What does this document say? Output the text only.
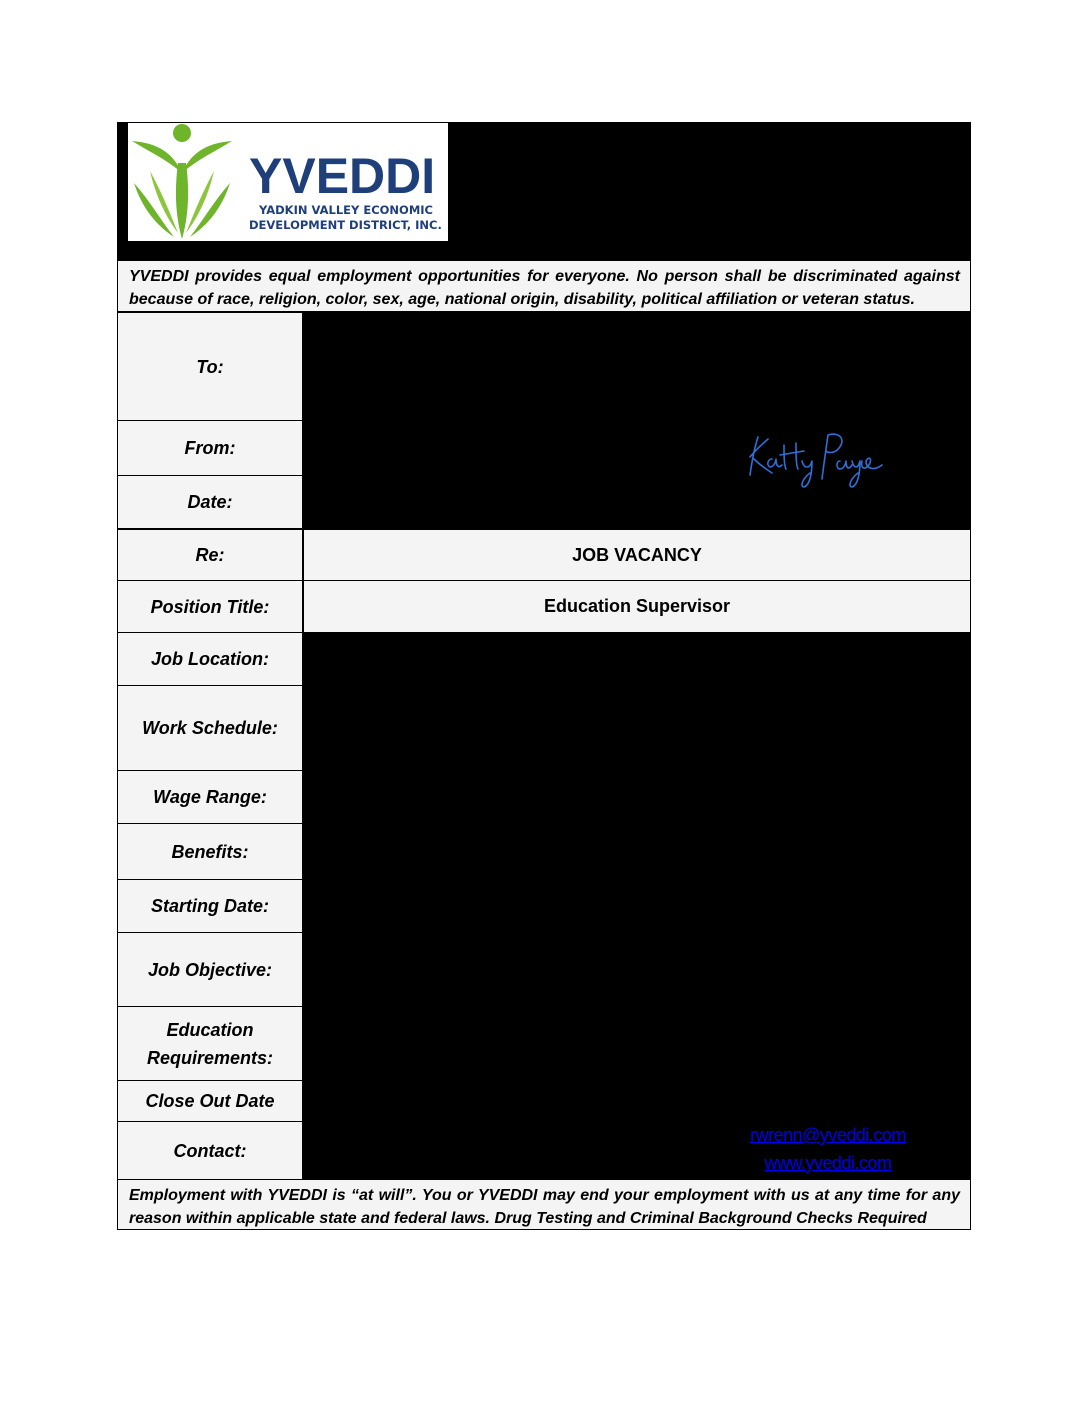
YVEDDI
YADKIN VALLEY ECONOMIC
DEVELOPMENT DISTRICT, INC.
YVEDDI provides equal employment opportunities for everyone. No person shall be discriminated against because of race, religion, color, sex, age, national origin, disability, political affiliation or veteran status.
To:
From:
Date:
Re:	JOB VACANCY
Position Title:	Education Supervisor
Job Location:
Work Schedule:
Wage Range:
Benefits:
Starting Date:
Job Objective:
Education Requirements:
Close Out Date
Contact:
rwrenn@yveddi.com
www.yveddi.com
Employment with YVEDDI is “at will”. You or YVEDDI may end your employment with us at any time for any reason within applicable state and federal laws. Drug Testing and Criminal Background Checks Required
